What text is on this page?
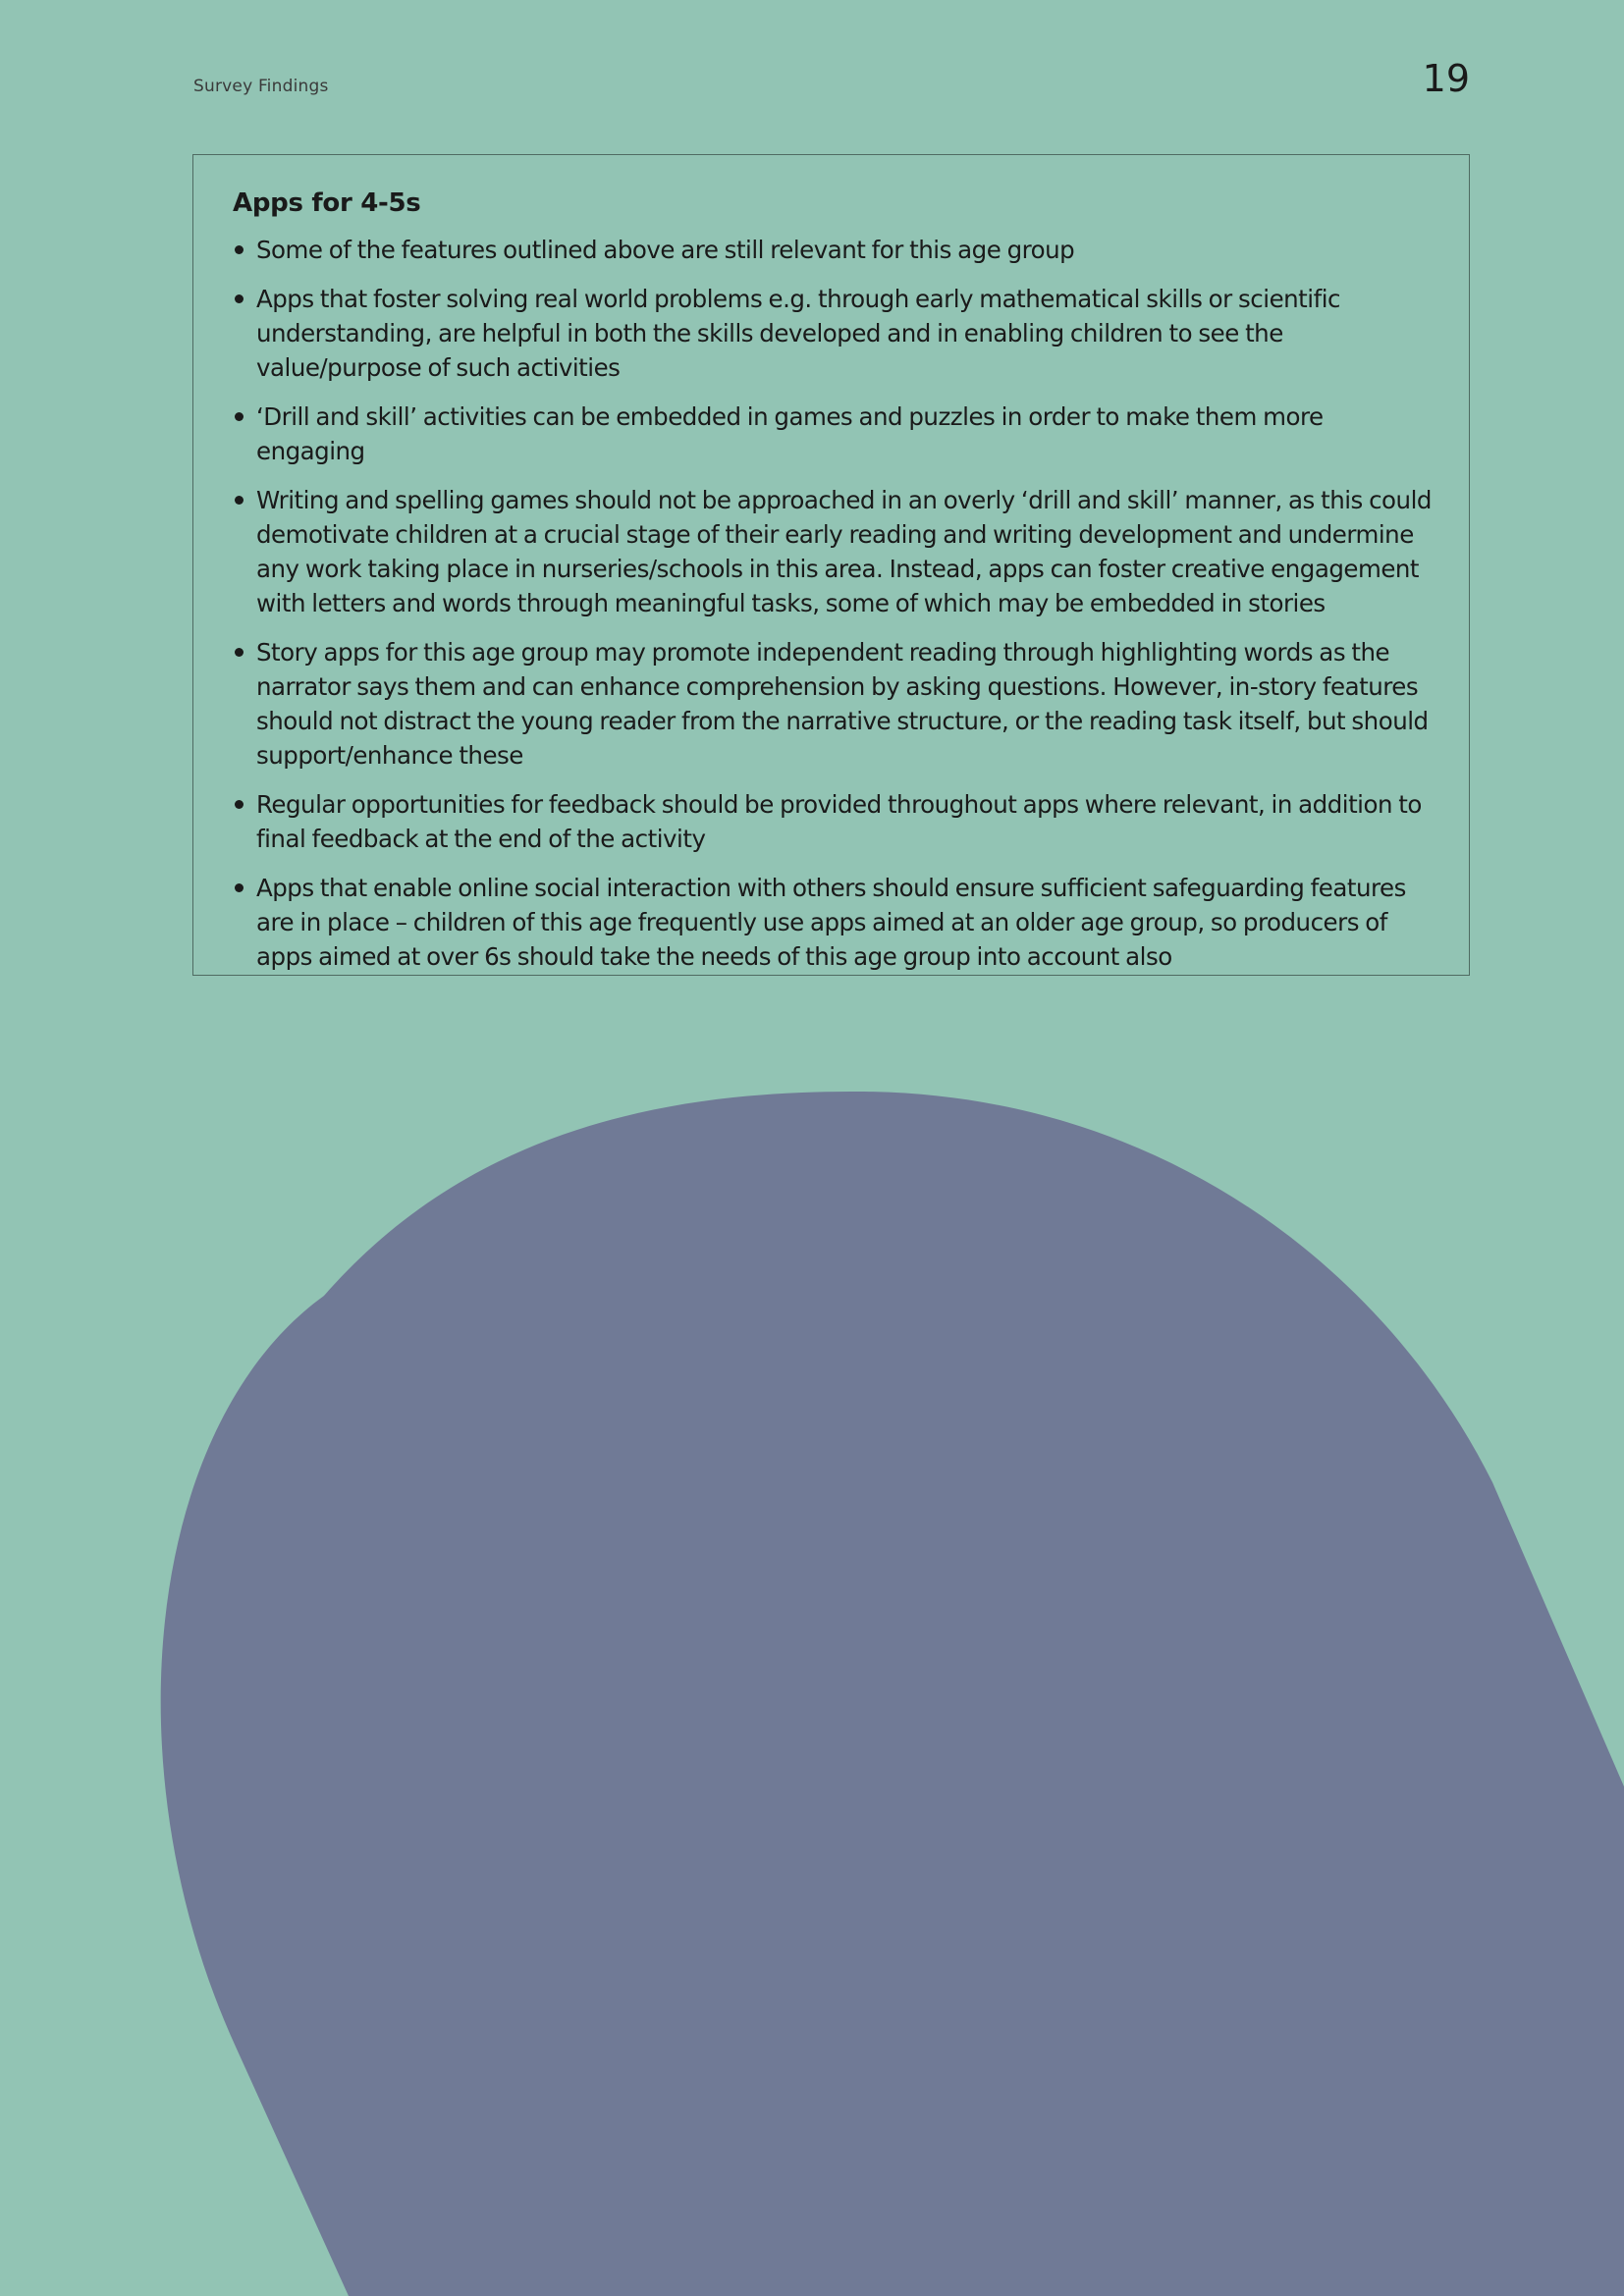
Survey Findings	19
Apps for 4-5s
Some of the features outlined above are still relevant for this age group
Apps that foster solving real world problems e.g. through early mathematical skills or scientific understanding, are helpful in both the skills developed and in enabling children to see the value/purpose of such activities
‘Drill and skill’ activities can be embedded in games and puzzles in order to make them more engaging
Writing and spelling games should not be approached in an overly ‘drill and skill’ manner, as this could demotivate children at a crucial stage of their early reading and writing development and undermine any work taking place in nurseries/schools in this area. Instead, apps can foster creative engagement with letters and words through meaningful tasks, some of which may be embedded in stories
Story apps for this age group may promote independent reading through highlighting words as the narrator says them and can enhance comprehension by asking questions. However, in-story features should not distract the young reader from the narrative structure, or the reading task itself, but should support/enhance these
Regular opportunities for feedback should be provided throughout apps where relevant, in addition to final feedback at the end of the activity
Apps that enable online social interaction with others should ensure sufficient safeguarding features are in place – children of this age frequently use apps aimed at an older age group, so producers of apps aimed at over 6s should take the needs of this age group into account also
